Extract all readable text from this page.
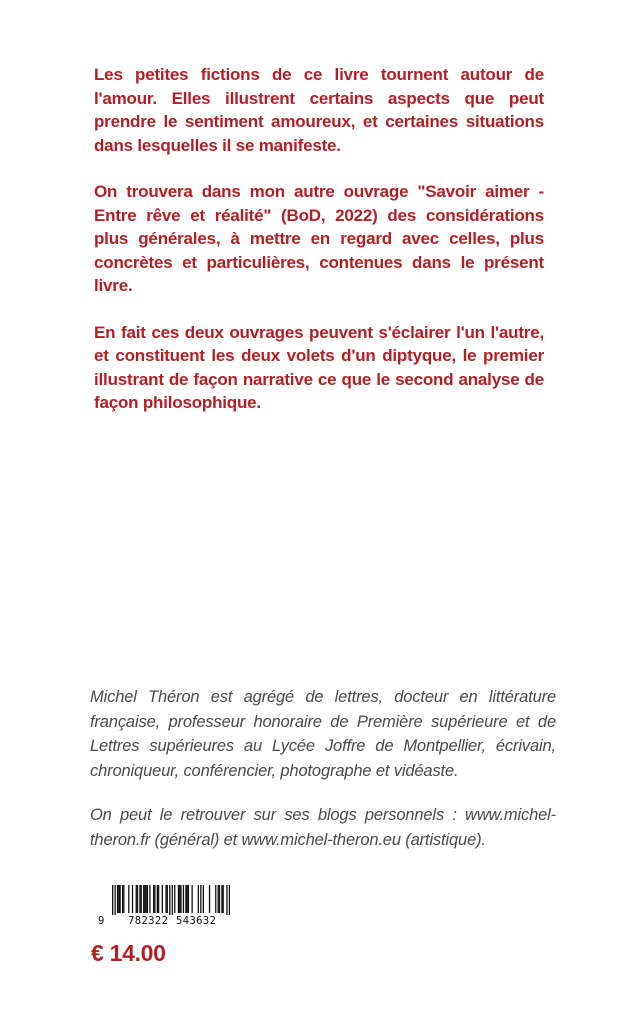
Les petites fictions de ce livre tournent autour de l'amour. Elles illustrent certains aspects que peut prendre le sentiment amoureux, et certaines situations dans lesquelles il se manifeste.

On trouvera dans mon autre ouvrage "Savoir aimer - Entre rêve et réalité" (BoD, 2022) des considérations plus générales, à mettre en regard avec celles, plus concrètes et particulières, contenues dans le présent livre.

En fait ces deux ouvrages peuvent s'éclairer l'un l'autre, et constituent les deux volets d'un diptyque, le premier illustrant de façon narrative ce que le second analyse de façon philosophique.

Michel Théron est agrégé de lettres, docteur en littérature française, professeur honoraire de Première supérieure et de Lettres supérieures au Lycée Joffre de Montpellier, écrivain, chroniqueur, conférencier, photographe et vidéaste.

On peut le retrouver sur ses blogs personnels : www.michel-theron.fr (général) et www.michel-theron.eu (artistique).

9 782322 543632
€ 14.00
